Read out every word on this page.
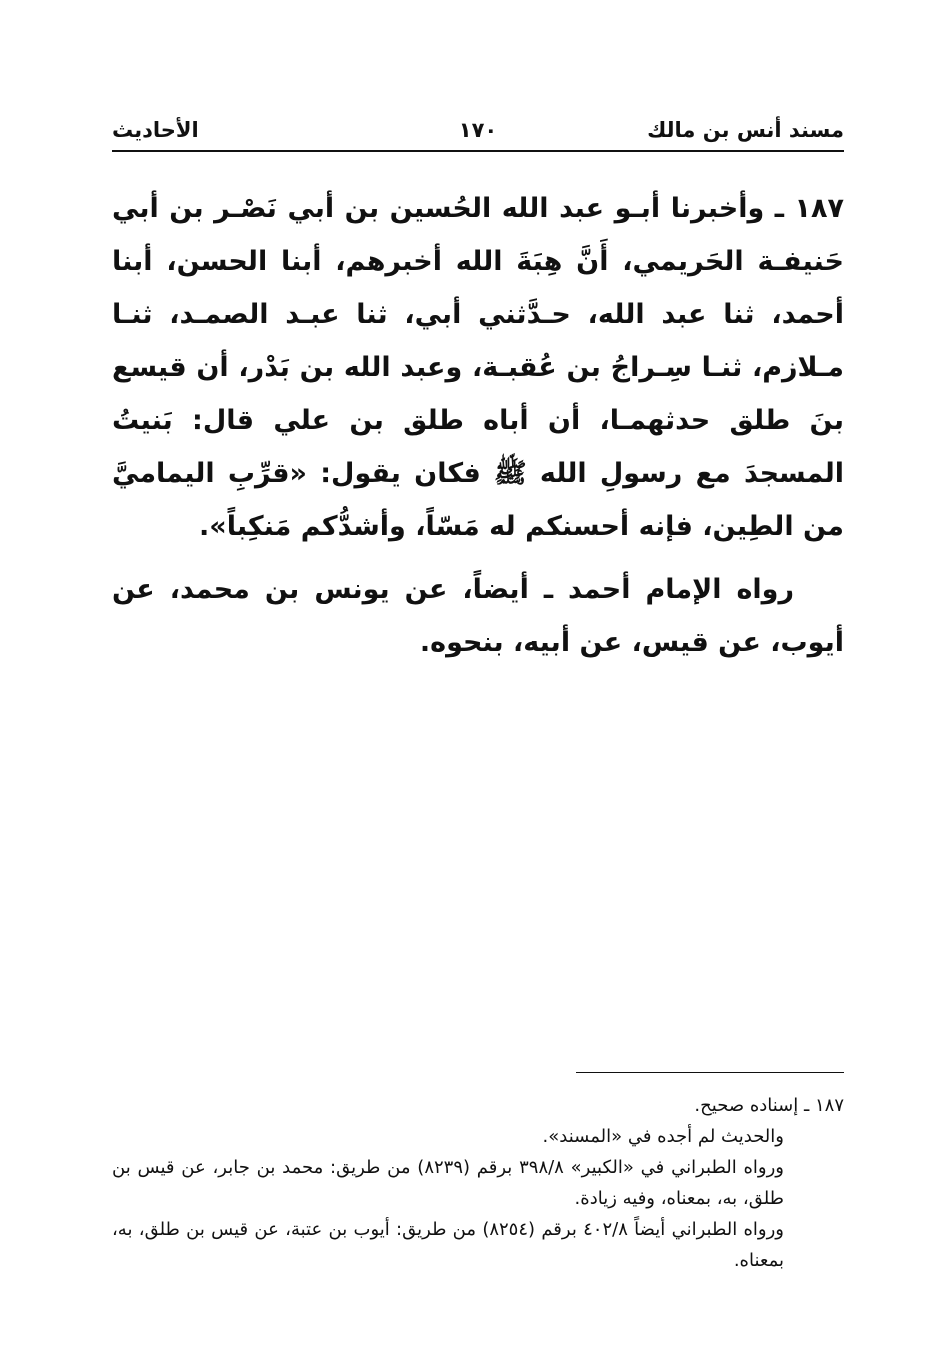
مسند أنس بن مالك
١٧٠
الأحاديث

١٨٧ ـ وأخبرنا أبـو عبد الله الحُسين بن أبي نَصْـر بن أبي حَنيفـة الحَريمي، أَنَّ هِبَةَ الله أخبرهم، أبنا الحسن، أبنا أحمد، ثنا عبد الله، حـدَّثني أبي، ثنا عبـد الصمـد، ثنـا مـلازم، ثنـا سِـراجُ بن عُقبـة، وعبد الله بن بَدْر، أن قيسع بنَ طلق حدثهمـا، أن أباه طلق بن علي قال: بَنيتُ المسجدَ مع رسولِ الله ﷺ فكان يقول: «قرِّبِ اليماميَّ من الطِين، فإنه أحسنكم له مَسّاً، وأشدُّكم مَنكِباً».

رواه الإمام أحمد ـ أيضاً، عن يونس بن محمد، عن أيوب، عن قيس، عن أبيه، بنحوه.

١٨٧ ـ إسناده صحيح.

والحديث لم أجده في «المسند».

ورواه الطبراني في «الكبير» ٣٩٨/٨ برقم (٨٢٣٩) من طريق: محمد بن جابر، عن قيس بن طلق، به، بمعناه، وفيه زيادة.

ورواه الطبراني أيضاً ٤٠٢/٨ برقم (٨٢٥٤) من طريق: أيوب بن عتبة، عن قيس بن طلق، به، بمعناه.
